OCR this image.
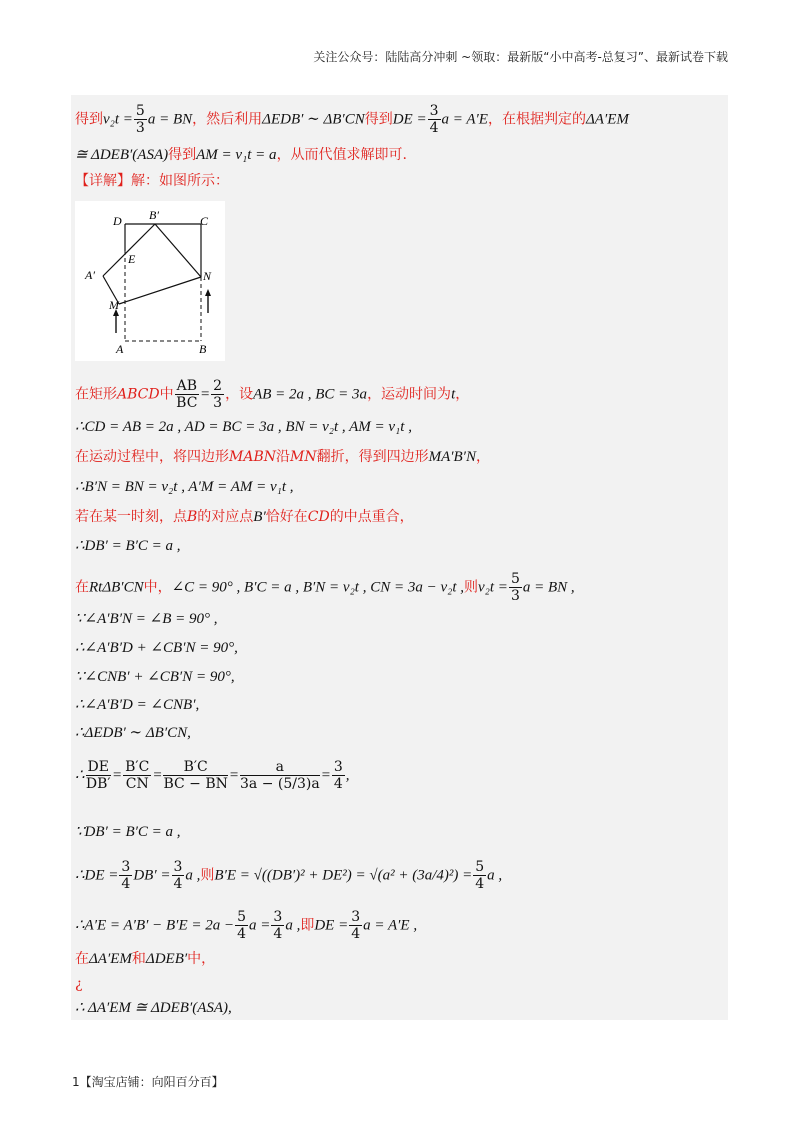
关注公众号：陆陆高分冲刺 ~领取：最新版“小中高考-总复习”、最新试卷下载
得到$v_2t = \frac{5}{3}$ a = BN，然后利用ΔEDB′ ∼ ΔB′CN得到DE = $\frac{3}{4}$ a = A′E，在根据判定的ΔA′EM
≅ ΔDEB′(ASA)得到AM = v₁t = a，从而代值求解即可.
【详解】解：如图所示：
D B′	C
A′
E
N
M
A	B
在矩形ABCD中 $\frac{AB}{BC} = \frac{2}{3}$ ，设AB = 2a , BC = 3a，运动时间为t，
∴CD = AB = 2a , AD = BC = 3a , BN = v₂t , AM = v₁t ,
在运动过程中，将四边形MABN沿MN翻折，得到四边形MA′B′N，
∴B′N = BN = v₂t , A′M = AM = v₁t ,
若在某一时刻，点B的对应点B′恰好在CD的中点重合，
∴DB′ = B′C = a ,
在RtΔB′CN中，∠C = 90° , B′C = a , B′N = v₂t , CN = 3a − v₂t ,则$v_2t = \frac{5}{3}$ a = BN ,
∵∠A′B′N = ∠B = 90° ,
∴∠A′B′D + ∠CB′N = 90°,
∵∠CNB′ + ∠CB′N = 90°,
∴∠A′B′D = ∠CNB′,
∴ΔEDB′ ∼ ΔB′CN,
∴ $\frac{DE}{DB'} = \frac{B'C}{CN} = \frac{B'C}{BC - BN} = \frac{a}{3a - (5/3)a} = \frac{3}{4}$ ,
∵DB′ = B′C = a ,
∴DE = $\frac{3}{4} DB' = \frac{3}{4}$ a ,则$B'E = √((DB')^2 + DE^2) = √(a^2 + (3a/4)^2) = \frac{5}{4}$ a ,
∴A′E = $A'B' - B'E = 2a - \frac{5}{4}$ $a = \frac{3}{4}$ a ,即DE = $\frac{3}{4}$ a = A′E ,
在ΔA′EM和ΔDEB′中，
¿
∴ ΔA′EM ≅ ΔDEB′(ASA),
1【淘宝店铺：向阳百分百】
